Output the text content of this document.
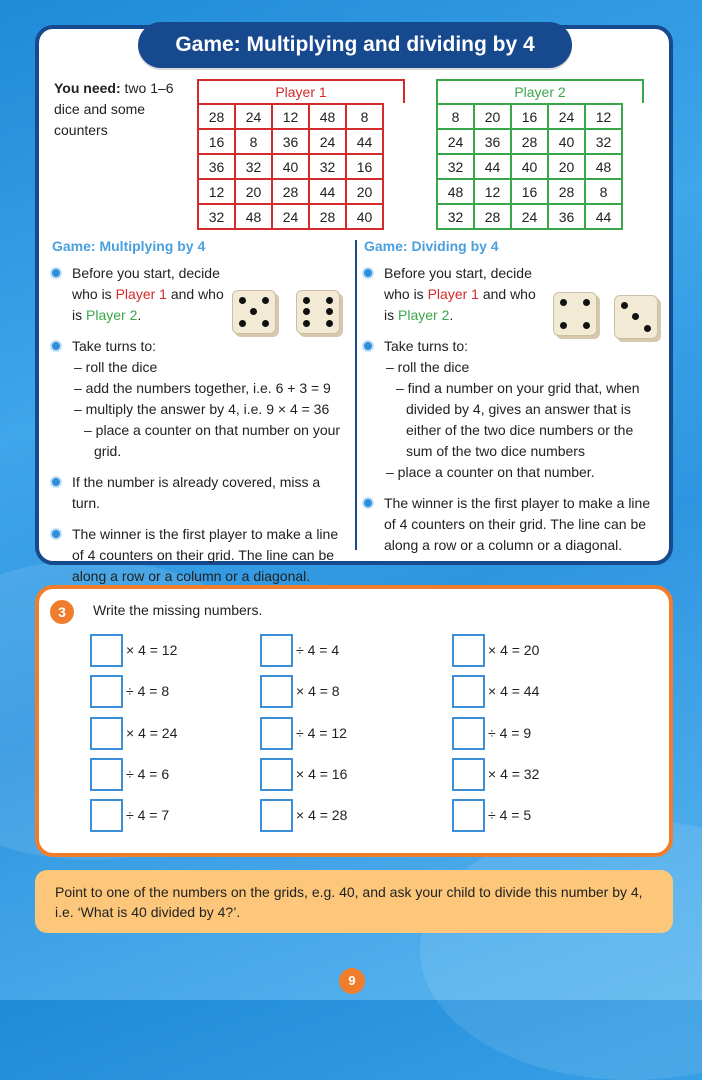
Game: Multiplying and dividing by 4
You need: two 1–6 dice and some counters
Player 1
28	24	12	48	8
16	8	36	24	44
36	32	40	32	16
12	20	28	44	20
32	48	24	28	40
Player 2
8	20	16	24	12
24	36	28	40	32
32	44	40	20	48
48	12	16	28	8
32	28	24	36	44
Game: Multiplying by 4
Before you start, decide who is Player 1 and who is Player 2.
Take turns to:
– roll the dice
– add the numbers together, i.e. 6 + 3 = 9
– multiply the answer by 4, i.e. 9 × 4 = 36
– place a counter on that number on your grid.
If the number is already covered, miss a turn.
The winner is the first player to make a line of 4 counters on their grid. The line can be along a row or a column or a diagonal.
Game: Dividing by 4
Before you start, decide who is Player 1 and who is Player 2.
Take turns to:
– roll the dice
– find a number on your grid that, when divided by 4, gives an answer that is either of the two dice numbers or the sum of the two dice numbers
– place a counter on that number.
The winner is the first player to make a line of 4 counters on their grid. The line can be along a row or a column or a diagonal.
3	Write the missing numbers.
× 4 = 12	÷ 4 = 4	× 4 = 20
÷ 4 = 8	× 4 = 8	× 4 = 44
× 4 = 24	÷ 4 = 12	÷ 4 = 9
÷ 4 = 6	× 4 = 16	× 4 = 32
÷ 4 = 7	× 4 = 28	÷ 4 = 5
Point to one of the numbers on the grids, e.g. 40, and ask your child to divide this number by 4, i.e. ‘What is 40 divided by 4?’.
9
